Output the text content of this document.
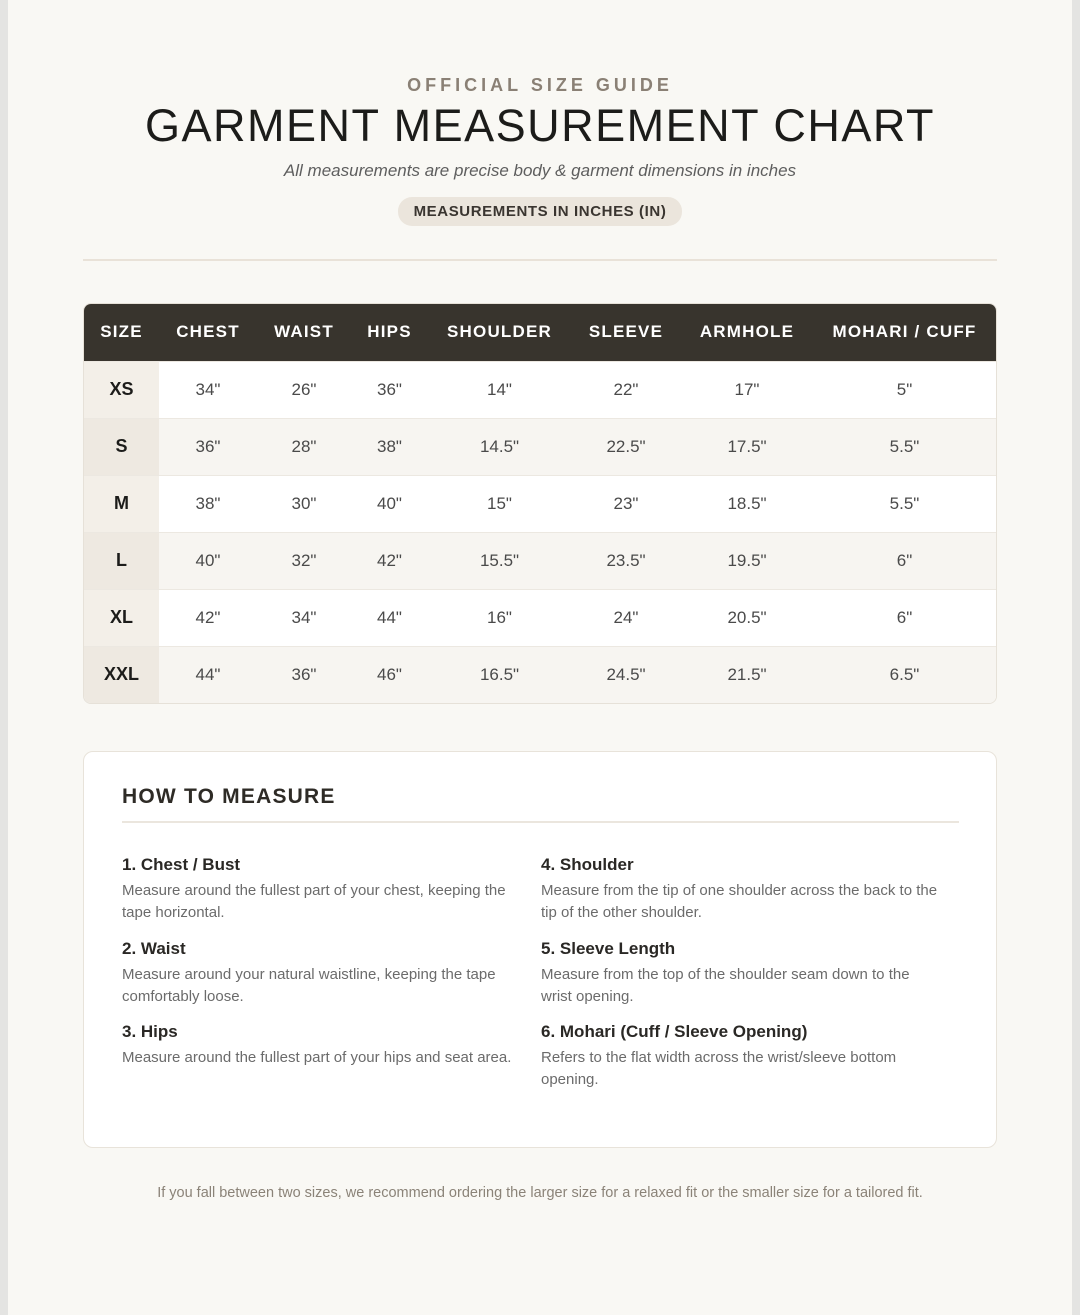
OFFICIAL SIZE GUIDE
GARMENT MEASUREMENT CHART
All measurements are precise body & garment dimensions in inches
MEASUREMENTS IN INCHES (IN)
SIZE	CHEST	WAIST	HIPS	SHOULDER	SLEEVE	ARMHOLE	MOHARI / CUFF
XS	34"	26"	36"	14"	22"	17"	5"
S	36"	28"	38"	14.5"	22.5"	17.5"	5.5"
M	38"	30"	40"	15"	23"	18.5"	5.5"
L	40"	32"	42"	15.5"	23.5"	19.5"	6"
XL	42"	34"	44"	16"	24"	20.5"	6"
XXL	44"	36"	46"	16.5"	24.5"	21.5"	6.5"
HOW TO MEASURE
1. Chest / Bust
Measure around the fullest part of your chest, keeping the tape horizontal.
2. Waist
Measure around your natural waistline, keeping the tape comfortably loose.
3. Hips
Measure around the fullest part of your hips and seat area.
4. Shoulder
Measure from the tip of one shoulder across the back to the tip of the other shoulder.
5. Sleeve Length
Measure from the top of the shoulder seam down to the wrist opening.
6. Mohari (Cuff / Sleeve Opening)
Refers to the flat width across the wrist/sleeve bottom opening.
If you fall between two sizes, we recommend ordering the larger size for a relaxed fit or the smaller size for a tailored fit.
